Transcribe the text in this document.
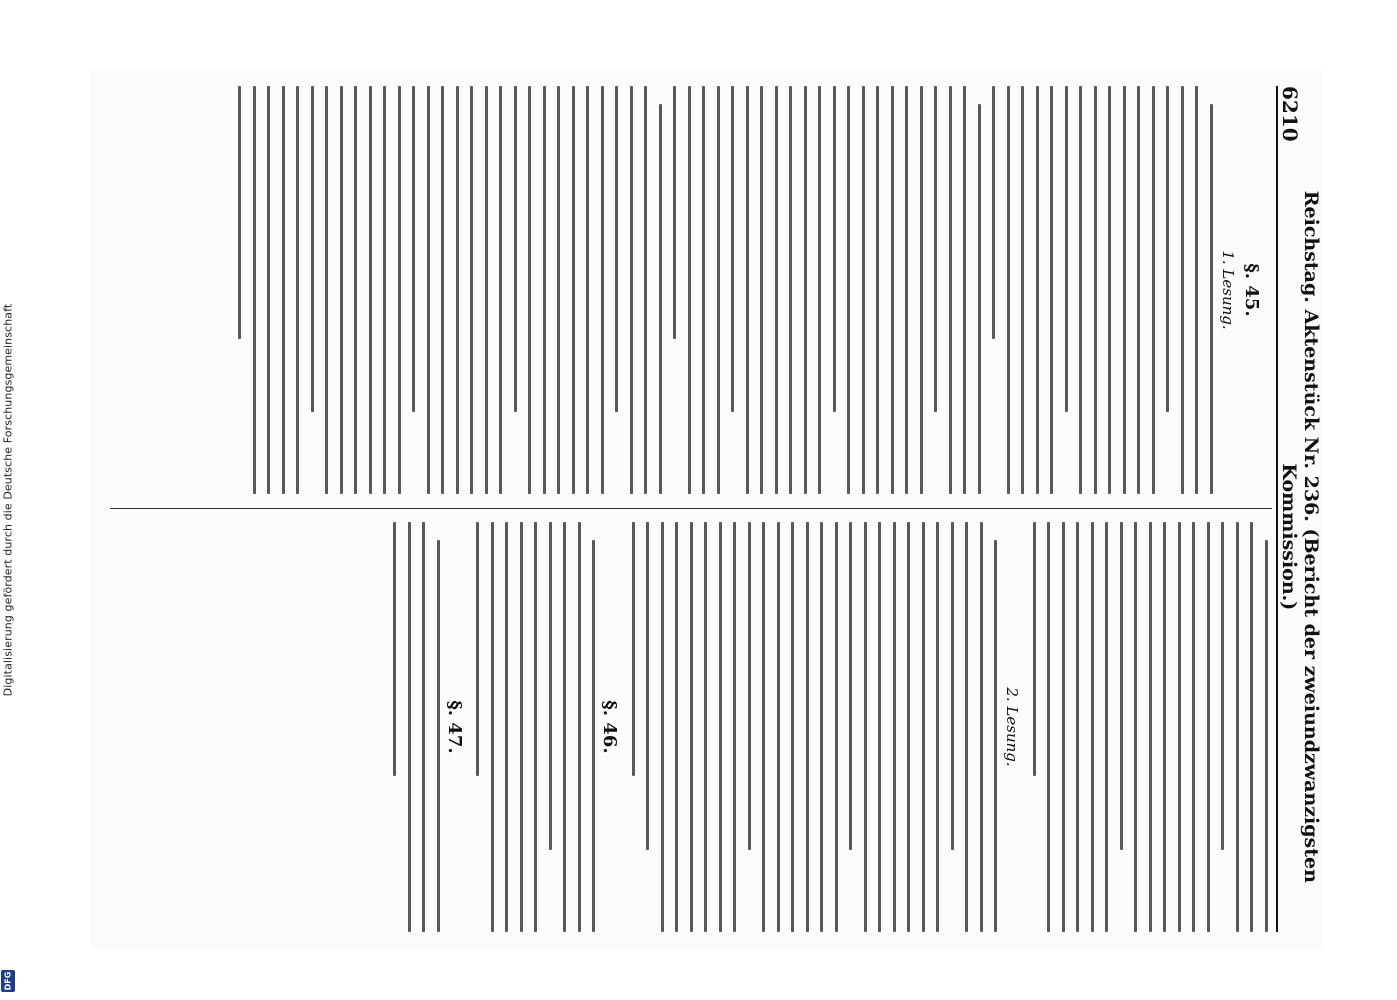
Digitalisierung gefördert durch die Deutsche Forschungsgemeinschaft
DFG
6210
Reichstag. Aktenstück Nr. 236. (Bericht der zweiundzwanzigsten Kommission.)
§. 45.
1. Lesung.
2. Lesung.
§. 46.
§. 47.
